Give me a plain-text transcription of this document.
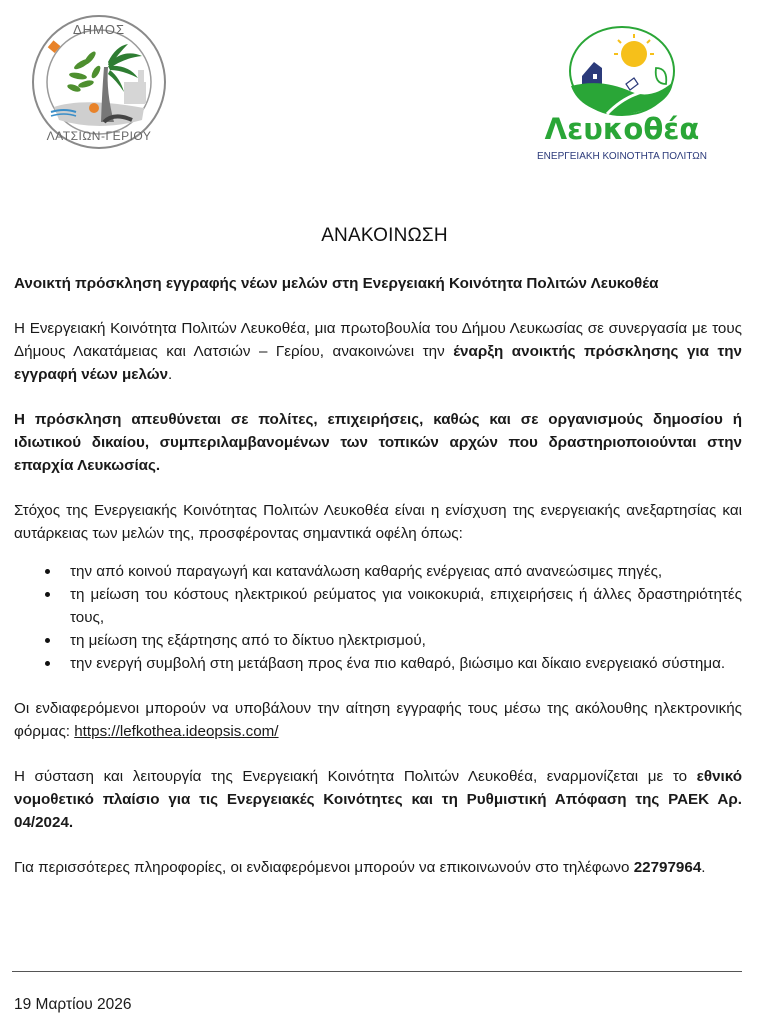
ΔΗΜΟΣ
ΛΑΤΣΙΩΝ-ΓΕΡΙΟΥ	Λευκοθέα
ΕΝΕΡΓΕΙΑΚΗ ΚΟΙΝΟΤΗΤΑ ΠΟΛΙΤΩΝ
ΑΝΑΚΟΙΝΩΣΗ

Ανοικτή πρόσκληση εγγραφής νέων μελών στη Ενεργειακή Κοινότητα Πολιτών Λευκοθέα

Η Ενεργειακή Κοινότητα Πολιτών Λευκοθέα, μια πρωτοβουλία του Δήμου Λευκωσίας σε συνεργασία με τους Δήμους Λακατάμειας και Λατσιών – Γερίου, ανακοινώνει την έναρξη ανοικτής πρόσκλησης για την εγγραφή νέων μελών.

Η πρόσκληση απευθύνεται σε πολίτες, επιχειρήσεις, καθώς και σε οργανισμούς δημοσίου ή ιδιωτικού δικαίου, συμπεριλαμβανομένων των τοπικών αρχών που δραστηριοποιούνται στην επαρχία Λευκωσίας.

Στόχος της Ενεργειακής Κοινότητας Πολιτών Λευκοθέα είναι η ενίσχυση της ενεργειακής ανεξαρτησίας και αυτάρκειας των μελών της, προσφέροντας σημαντικά οφέλη όπως:

την από κοινού παραγωγή και κατανάλωση καθαρής ενέργειας από ανανεώσιμες πηγές,
τη μείωση του κόστους ηλεκτρικού ρεύματος για νοικοκυριά, επιχειρήσεις ή άλλες δραστηριότητές τους,
τη μείωση της εξάρτησης από το δίκτυο ηλεκτρισμού,
την ενεργή συμβολή στη μετάβαση προς ένα πιο καθαρό, βιώσιμο και δίκαιο ενεργειακό σύστημα.

Οι ενδιαφερόμενοι μπορούν να υποβάλουν την αίτηση εγγραφής τους μέσω της ακόλουθης ηλεκτρονικής φόρμας: https://lefkothea.ideopsis.com/

Η σύσταση και λειτουργία της Ενεργειακή Κοινότητα Πολιτών Λευκοθέα, εναρμονίζεται με το εθνικό νομοθετικό πλαίσιο για τις Ενεργειακές Κοινότητες και τη Ρυθμιστική Απόφαση της ΡΑΕΚ Αρ. 04/2024.

Για περισσότερες πληροφορίες, οι ενδιαφερόμενοι μπορούν να επικοινωνούν στο τηλέφωνο 22797964.

19 Μαρτίου 2026
